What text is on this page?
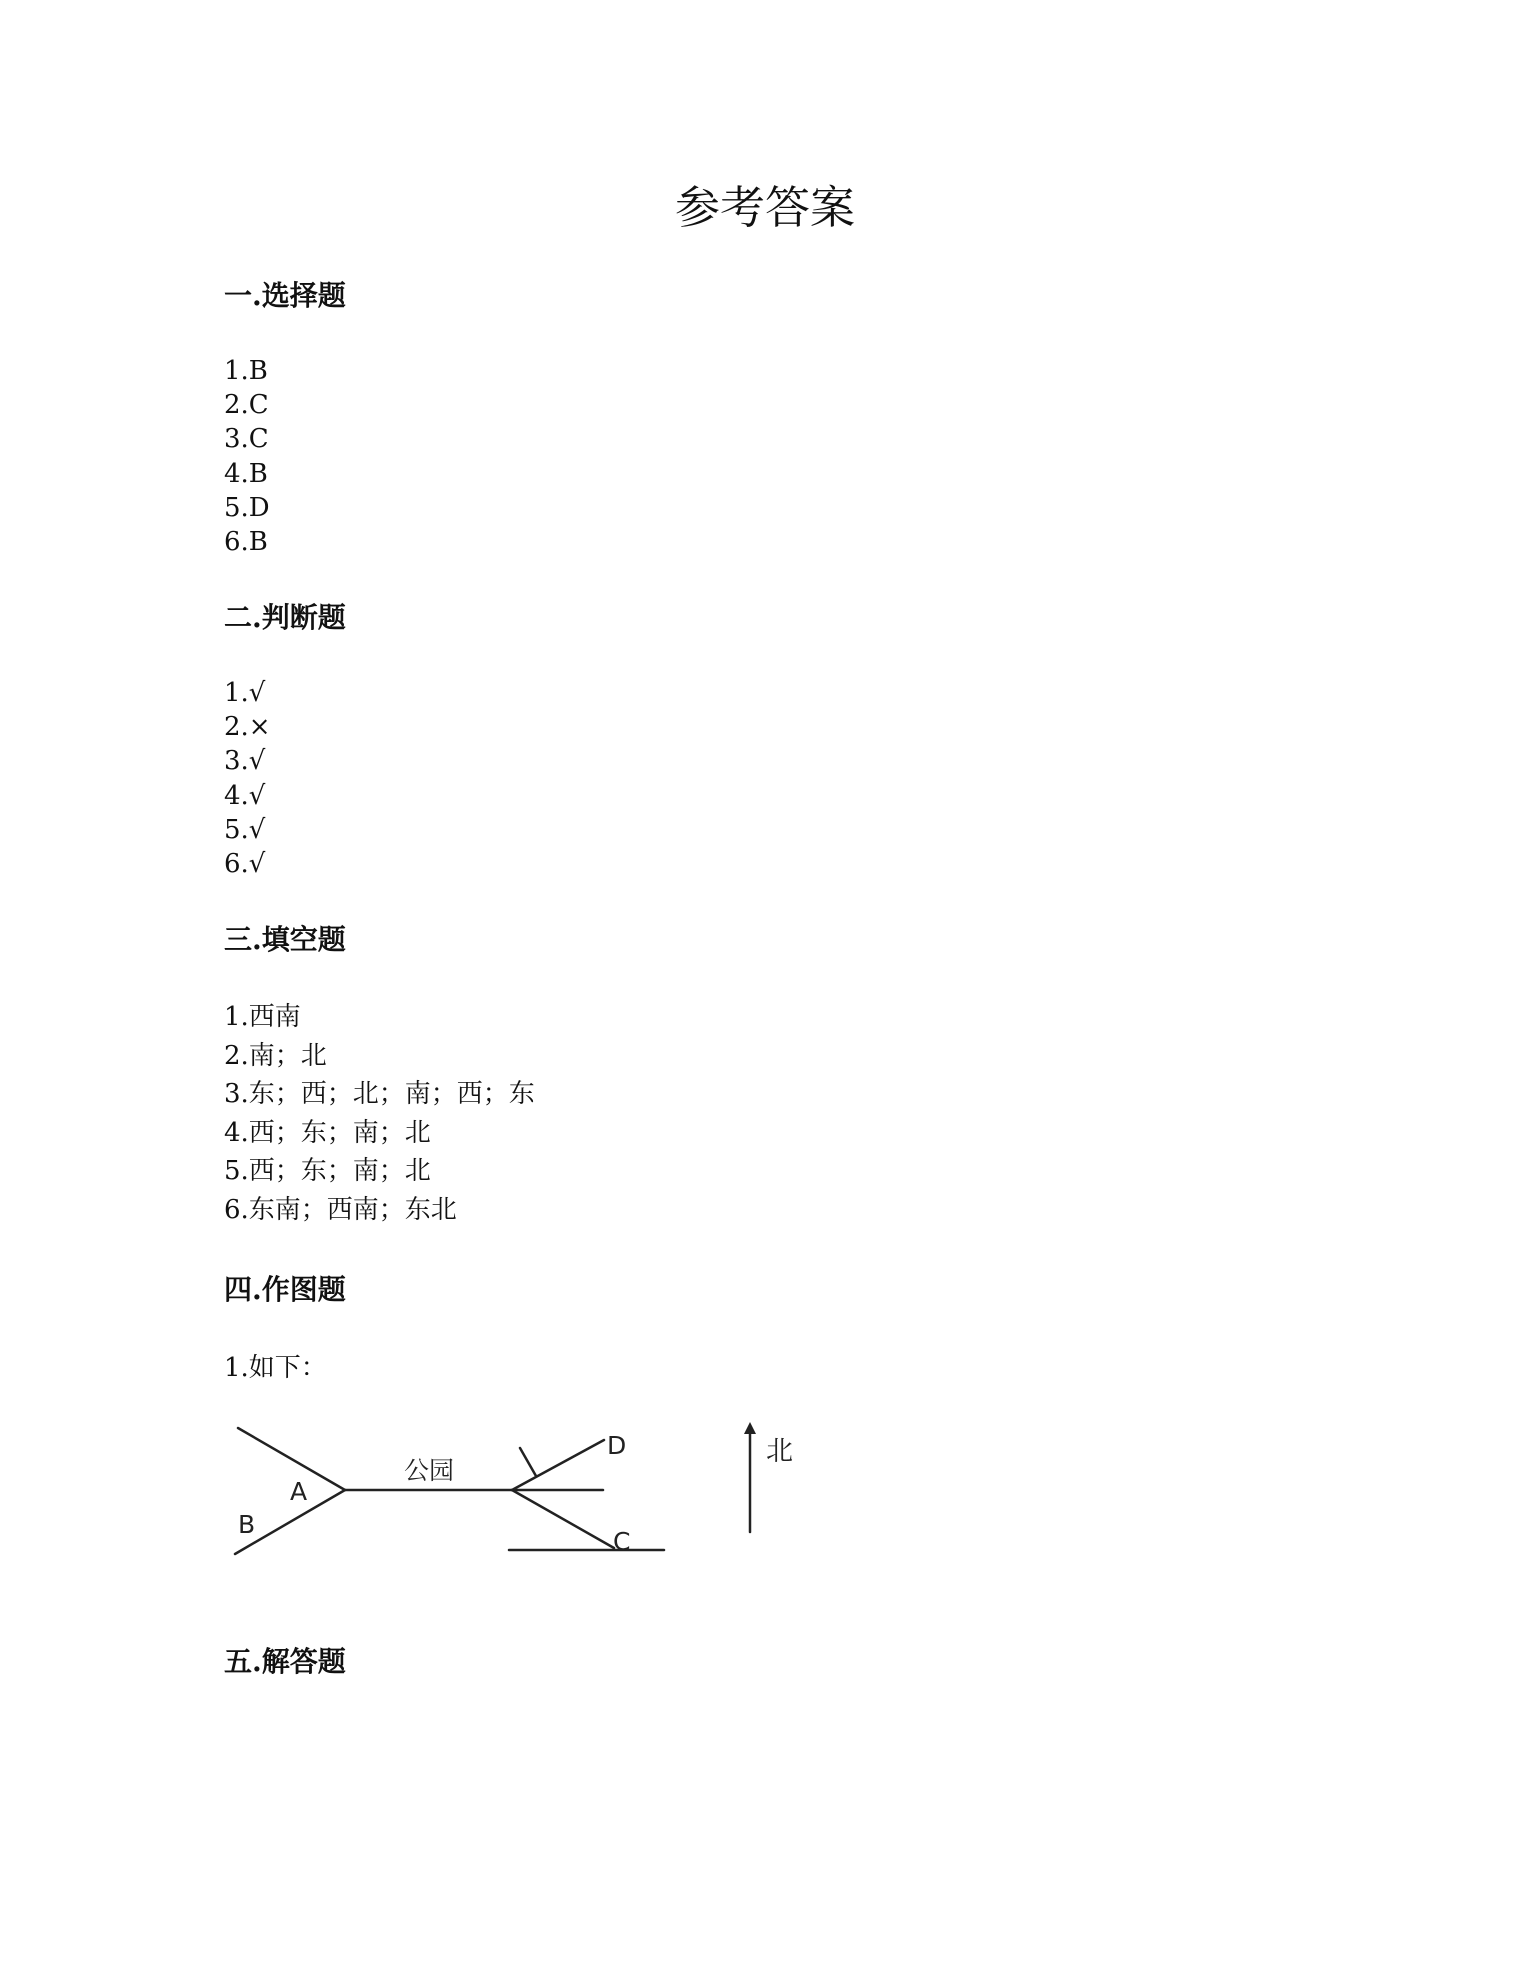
参考答案
一.选择题
1.B
2.C
3.C
4.B
5.D
6.B
二.判断题
1.√
2.×
3.√
4.√
5.√
6.√
三.填空题
1.西南
2.南；北
3.东；西；北；南；西；东
4.西；东；南；北
5.西；东；南；北
6.东南；西南；东北
四.作图题

1.如下：

A
B
C
D
公园
北
五.解答题
